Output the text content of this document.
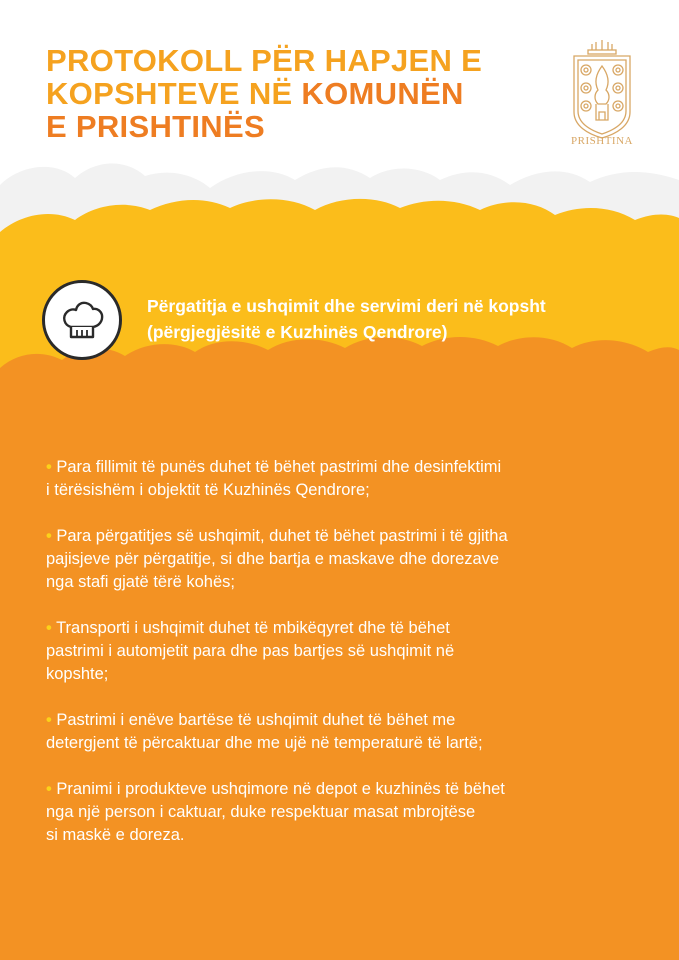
PROTOKOLL PËR HAPJEN E
KOPSHTEVE NË KOMUNËN
E PRISHTINËS	PRISHTINA
Përgatitja e ushqimit dhe servimi deri në kopsht
(përgjegjësitë e Kuzhinës Qendrore)
• Para fillimit të punës duhet të bëhet pastrimi dhe desinfektimi
i tërësishëm i objektit të Kuzhinës Qendrore;
• Para përgatitjes së ushqimit, duhet të bëhet pastrimi i të gjitha
pajisjeve për përgatitje, si dhe bartja e maskave dhe dorezave
nga stafi gjatë tërë kohës;
• Transporti i ushqimit duhet të mbikëqyret dhe të bëhet
pastrimi i automjetit para dhe pas bartjes së ushqimit në
kopshte;
• Pastrimi i enëve bartëse të ushqimit duhet të bëhet me
detergjent të përcaktuar dhe me ujë në temperaturë të lartë;
• Pranimi i produkteve ushqimore në depot e kuzhinës të bëhet
nga një person i caktuar, duke respektuar masat mbrojtëse
si maskë e doreza.
